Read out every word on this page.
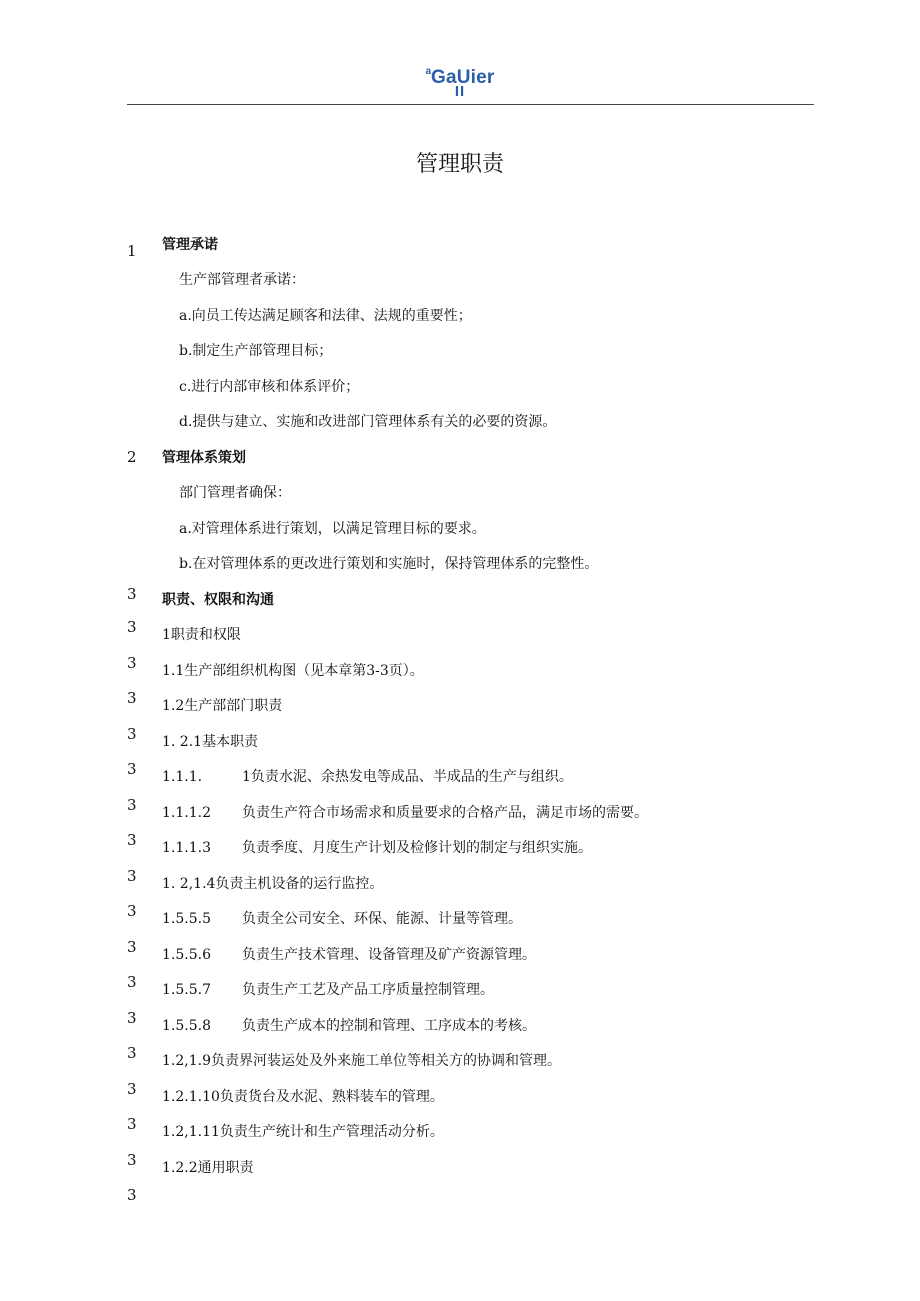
$^a$GaUier
II
管理职责
1 管理承诺
生产部管理者承诺：
a.向员工传达满足顾客和法律、法规的重要性；
b.制定生产部管理目标；
c.进行内部审核和体系评价；
d.提供与建立、实施和改进部门管理体系有关的必要的资源。
2 管理体系策划
部门管理者确保：
a.对管理体系进行策划，以满足管理目标的要求。
b.在对管理体系的更改进行策划和实施时，保持管理体系的完整性。
3 职责、权限和沟通
3 1职责和权限
3 1.1生产部组织机构图（见本章第3-3页）。
3 1.2生产部部门职责
3 1. 2.1基本职责
3 1.1.1.	1负责水泥、余热发电等成品、半成品的生产与组织。
3 1.1.1.2 负责生产符合市场需求和质量要求的合格产品，满足市场的需要。
3 1.1.1.3 负责季度、月度生产计划及检修计划的制定与组织实施。
3 1. 2,1.4负责主机设备的运行监控。
3 1.5.5.5 负责全公司安全、环保、能源、计量等管理。
3 1.5.5.6 负责生产技术管理、设备管理及矿产资源管理。
3 1.5.5.7 负责生产工艺及产品工序质量控制管理。
3 1.5.5.8 负责生产成本的控制和管理、工序成本的考核。
3 1.2,1.9负责界河装运处及外来施工单位等相关方的协调和管理。
3 1.2.1.10负责货台及水泥、熟料装车的管理。
3 1.2,1.11负责生产统计和生产管理活动分析。
3 1.2.2通用职责
3
